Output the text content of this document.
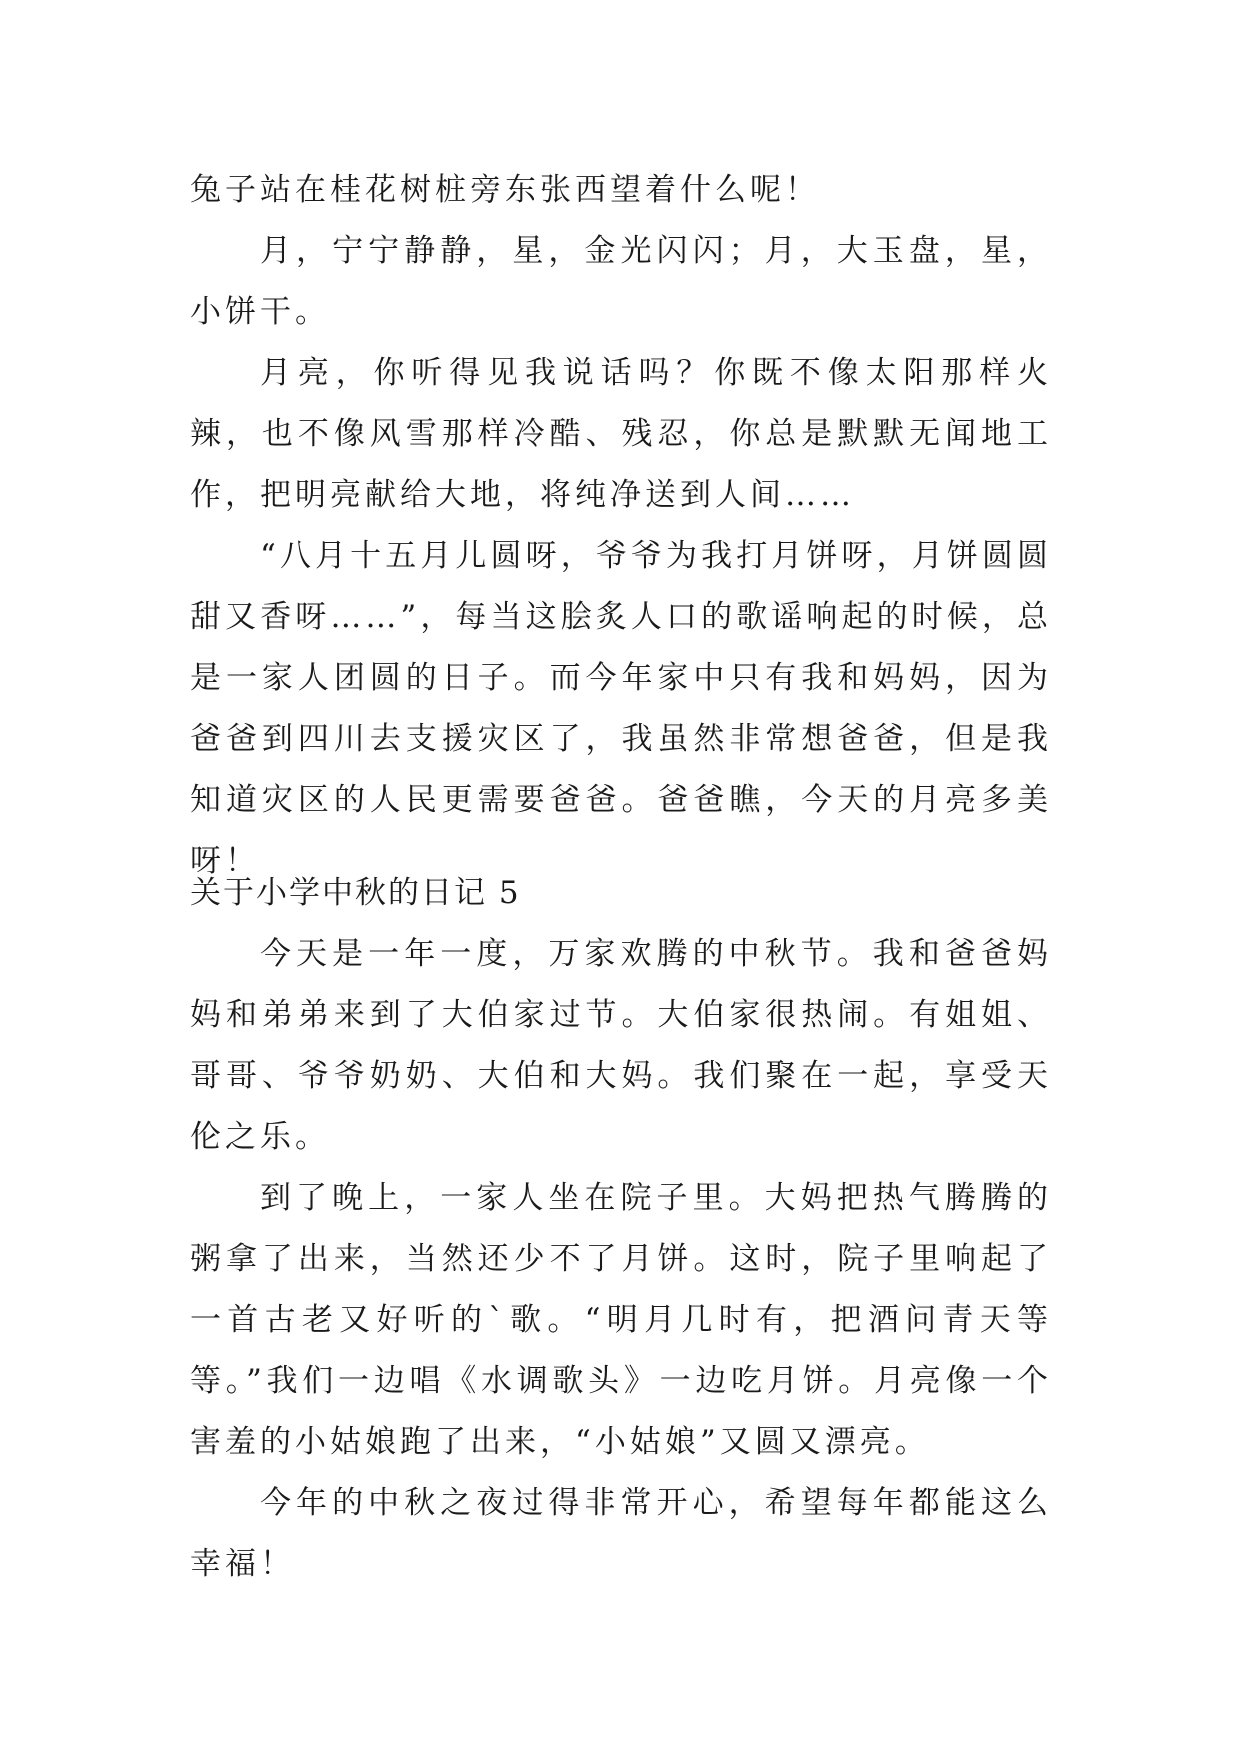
兔子站在桂花树桩旁东张西望着什么呢！

月，宁宁静静，星，金光闪闪；月，大玉盘，星，小饼干。

月亮，你听得见我说话吗？你既不像太阳那样火辣，也不像风雪那样冷酷、残忍，你总是默默无闻地工作，把明亮献给大地，将纯净送到人间……

“八月十五月儿圆呀，爷爷为我打月饼呀，月饼圆圆甜又香呀……”，每当这脍炙人口的歌谣响起的时候，总是一家人团圆的日子。而今年家中只有我和妈妈，因为爸爸到四川去支援灾区了，我虽然非常想爸爸，但是我知道灾区的人民更需要爸爸。爸爸瞧，今天的月亮多美呀！

关于小学中秋的日记 5

今天是一年一度，万家欢腾的中秋节。我和爸爸妈妈和弟弟来到了大伯家过节。大伯家很热闹。有姐姐、哥哥、爷爷奶奶、大伯和大妈。我们聚在一起，享受天伦之乐。

到了晚上，一家人坐在院子里。大妈把热气腾腾的粥拿了出来，当然还少不了月饼。这时，院子里响起了一首古老又好听的`歌。“明月几时有，把酒问青天等等。”我们一边唱《水调歌头》一边吃月饼。月亮像一个害羞的小姑娘跑了出来，“小姑娘”又圆又漂亮。

今年的中秋之夜过得非常开心，希望每年都能这么幸福！
